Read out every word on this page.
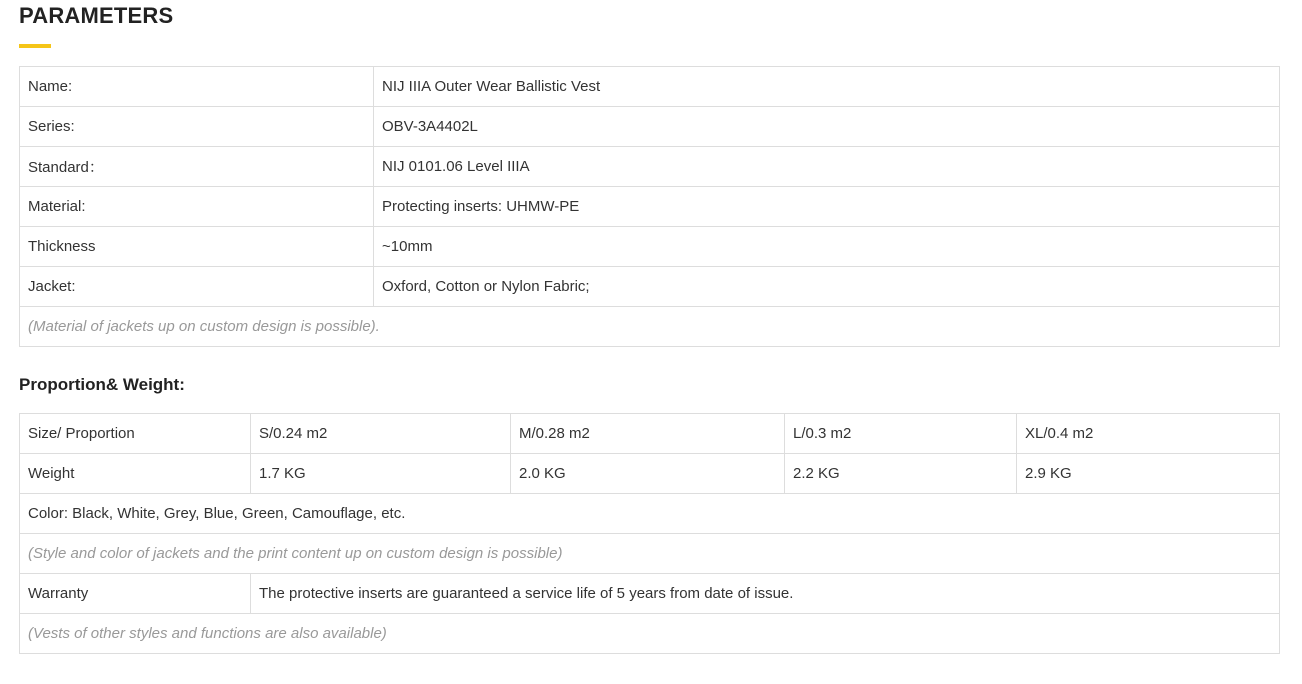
PARAMETERS
Name:	NIJ IIIA Outer Wear Ballistic Vest
Series:	OBV-3A4402L
Standard：	NIJ 0101.06 Level IIIA
Material:	Protecting inserts: UHMW-PE
Thickness	~10mm
Jacket:	Oxford, Cotton or Nylon Fabric;
(Material of jackets up on custom design is possible).	
Proportion& Weight:
Size/ Proportion	S/0.24 m2	M/0.28 m2	L/0.3 m2	XL/0.4 m2
Weight	1.7 KG	2.0 KG	2.2 KG	2.9 KG
Color: Black, White, Grey, Blue, Green, Camouflage, etc.				
(Style and color of jackets and the print content up on custom design is possible)				
Warranty	The protective inserts are guaranteed a service life of 5 years from date of issue.			
(Vests of other styles and functions are also available)				
